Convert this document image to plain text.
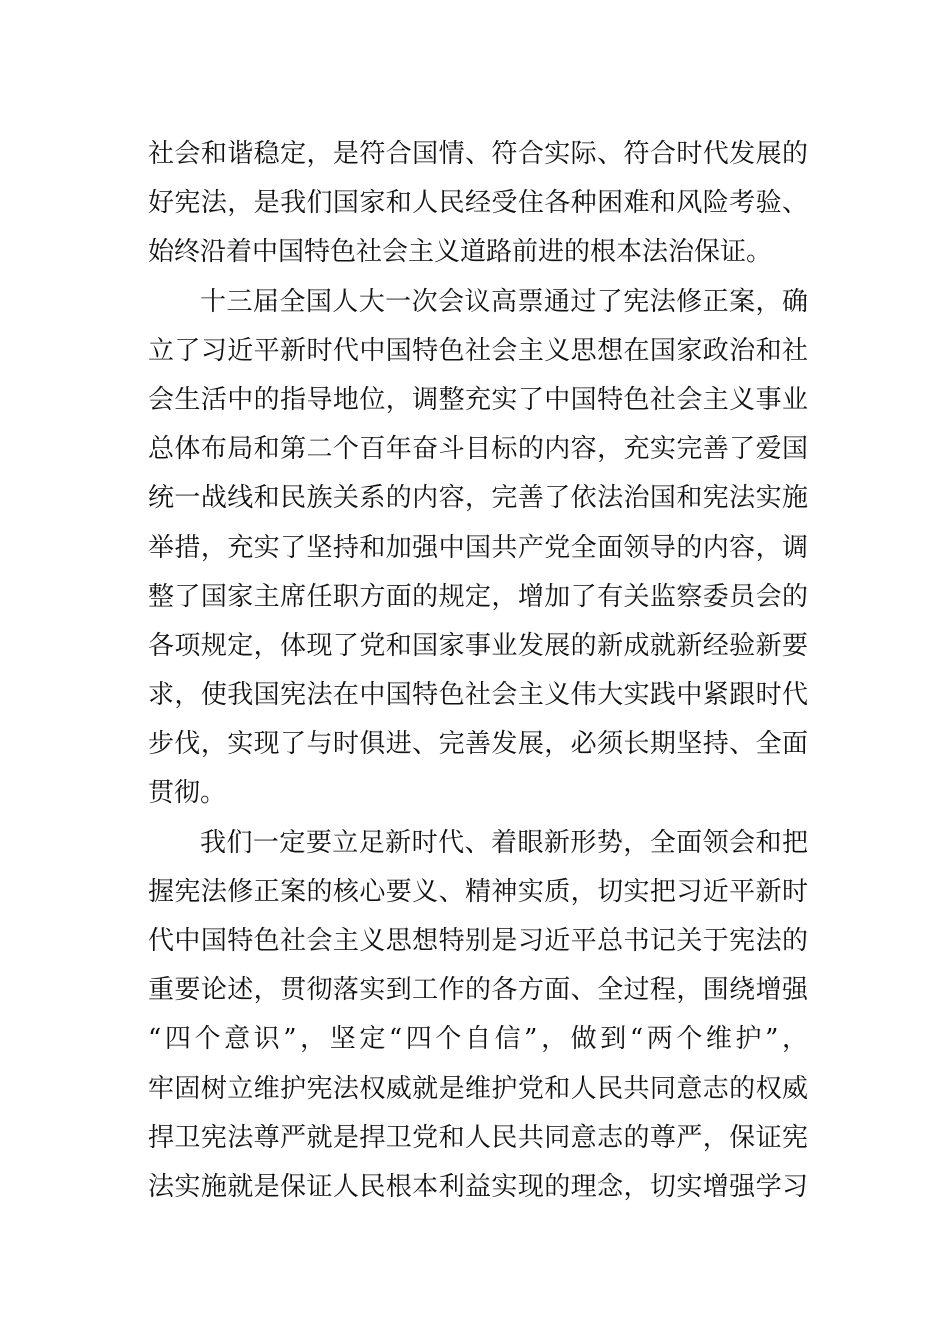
社会和谐稳定，是符合国情、符合实际、符合时代发展的
好宪法，是我们国家和人民经受住各种困难和风险考验、
始终沿着中国特色社会主义道路前进的根本法治保证。
十三届全国人大一次会议高票通过了宪法修正案，确
立了习近平新时代中国特色社会主义思想在国家政治和社
会生活中的指导地位，调整充实了中国特色社会主义事业
总体布局和第二个百年奋斗目标的内容，充实完善了爱国
统一战线和民族关系的内容，完善了依法治国和宪法实施
举措，充实了坚持和加强中国共产党全面领导的内容，调
整了国家主席任职方面的规定，增加了有关监察委员会的
各项规定，体现了党和国家事业发展的新成就新经验新要
求，使我国宪法在中国特色社会主义伟大实践中紧跟时代
步伐，实现了与时俱进、完善发展，必须长期坚持、全面
贯彻。
我们一定要立足新时代、着眼新形势，全面领会和把
握宪法修正案的核心要义、精神实质，切实把习近平新时
代中国特色社会主义思想特别是习近平总书记关于宪法的
重要论述，贯彻落实到工作的各方面、全过程，围绕增强
“四个意识”，坚定“四个自信”，做到“两个维护”，
牢固树立维护宪法权威就是维护党和人民共同意志的权威
捍卫宪法尊严就是捍卫党和人民共同意志的尊严，保证宪
法实施就是保证人民根本利益实现的理念，切实增强学习
